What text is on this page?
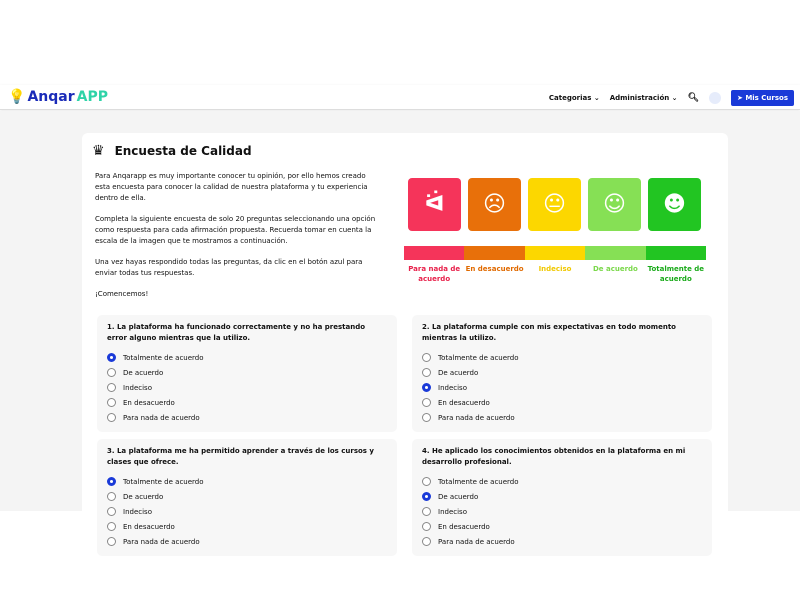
💡 Anqar APP	Categorias ⌄ Administración ⌄ 🔍︎	➤ Mis Cursos
♛ Encuesta de Calidad

Para Anqarapp es muy importante conocer tu opinión, por ello hemos creado esta encuesta para conocer la calidad de nuestra plataforma y tu experiencia dentro de ella.

Completa la siguiente encuesta de solo 20 preguntas seleccionando una opción como respuesta para cada afirmación propuesta. Recuerda tomar en cuenta la escala de la imagen que te mostramos a continuación.

Una vez hayas respondido todas las preguntas, da clic en el botón azul para enviar todas tus respuestas.

¡Comencemos!

ᐛ	☹	😐	☺	☻
Para nada de acuerdo
En desacuerdo	Indeciso	De acuerdo	Totalmente de acuerdo
1. La plataforma ha funcionado correctamente y no ha prestando error alguno mientras que la utilizo.
Totalmente de acuerdo
De acuerdo
Indeciso
En desacuerdo
Para nada de acuerdo
2. La plataforma cumple con mis expectativas en todo momento mientras la utilizo.
Totalmente de acuerdo
De acuerdo
Indeciso
En desacuerdo
Para nada de acuerdo
3. La plataforma me ha permitido aprender a través de los cursos y clases que ofrece.
Totalmente de acuerdo
De acuerdo
Indeciso
En desacuerdo
Para nada de acuerdo
4. He aplicado los conocimientos obtenidos en la plataforma en mi desarrollo profesional.
Totalmente de acuerdo
De acuerdo
Indeciso
En desacuerdo
Para nada de acuerdo
